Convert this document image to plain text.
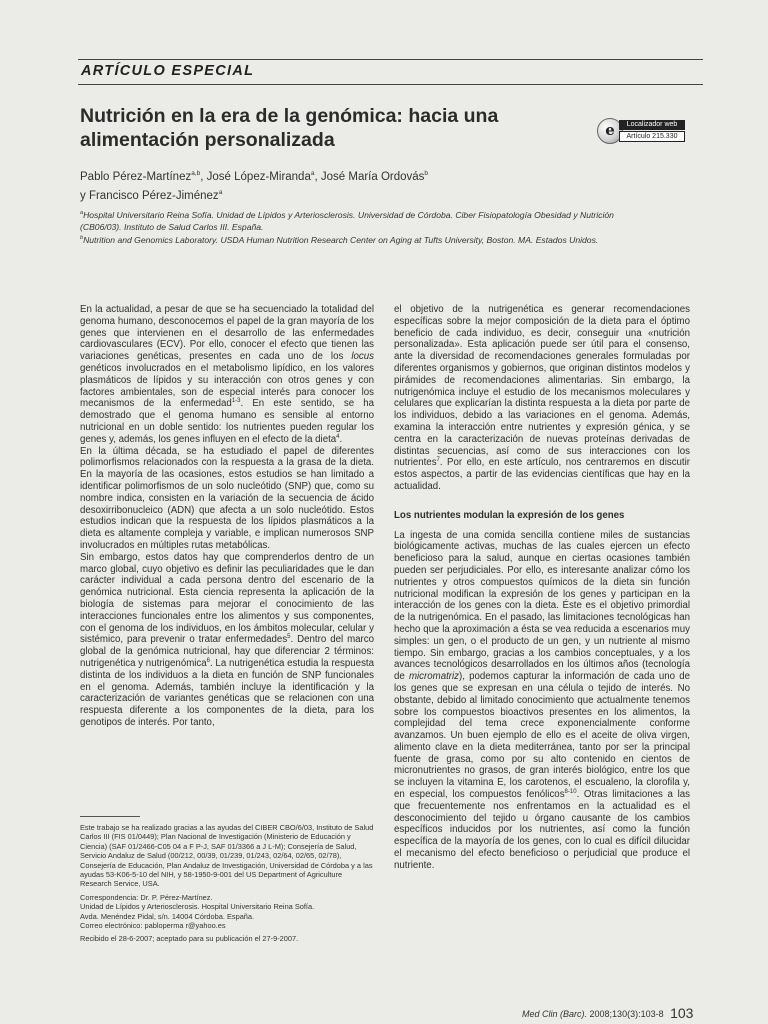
ARTÍCULO ESPECIAL
Nutrición en la era de la genómica: hacia una alimentación personalizada	e	Localizador web
Artículo 215.330
Pablo Pérez-Martínez$^{a,b}$, José López-Miranda$^a$, José María Ordovás$^b$
y Francisco Pérez-Jiménez$^a$

$^a$Hospital Universitario Reina Sofía. Unidad de Lípidos y Arteriosclerosis. Universidad de Córdoba. Ciber Fisiopatología Obesidad y Nutrición (CB06/03). Instituto de Salud Carlos III. España.

$^b$Nutrition and Genomics Laboratory. USDA Human Nutrition Research Center on Aging at Tufts University, Boston. MA. Estados Unidos.

En la actualidad, a pesar de que se ha secuenciado la totalidad del genoma humano, desconocemos el papel de la gran mayoría de los genes que intervienen en el desarrollo de las enfermedades cardiovasculares (ECV). Por ello, conocer el efecto que tienen las variaciones genéticas, presentes en cada uno de los locus genéticos involucrados en el metabolismo lipídico, en los valores plasmáticos de lípidos y su interacción con otros genes y con factores ambientales, son de especial interés para conocer los mecanismos de la enfermedad$^{1-3}$. En este sentido, se ha demostrado que el genoma humano es sensible al entorno nutricional en un doble sentido: los nutrientes pueden regular los genes y, además, los genes influyen en el efecto de la dieta$^4$.

En la última década, se ha estudiado el papel de diferentes polimorfismos relacionados con la respuesta a la grasa de la dieta. En la mayoría de las ocasiones, estos estudios se han limitado a identificar polimorfismos de un solo nucleótido (SNP) que, como su nombre indica, consisten en la variación de la secuencia de ácido desoxirribonucleico (ADN) que afecta a un solo nucleótido. Estos estudios indican que la respuesta de los lípidos plasmáticos a la dieta es altamente compleja y variable, e implican numerosos SNP involucrados en múltiples rutas metabólicas.

Sin embargo, estos datos hay que comprenderlos dentro de un marco global, cuyo objetivo es definir las peculiaridades que le dan carácter individual a cada persona dentro del escenario de la genómica nutricional. Esta ciencia representa la aplicación de la biología de sistemas para mejorar el conocimiento de las interacciones funcionales entre los alimentos y sus componentes, con el genoma de los individuos, en los ámbitos molecular, celular y sistémico, para prevenir o tratar enfermedades$^5$. Dentro del marco global de la genómica nutricional, hay que diferenciar 2 términos: nutrigenética y nutrigenómica$^6$. La nutrigenética estudia la respuesta distinta de los individuos a la dieta en función de SNP funcionales en el genoma. Además, también incluye la identificación y la caracterización de variantes genéticas que se relacionen con una respuesta diferente a los componentes de la dieta, para los genotipos de interés. Por tanto,

el objetivo de la nutrigenética es generar recomendaciones específicas sobre la mejor composición de la dieta para el óptimo beneficio de cada individuo, es decir, conseguir una «nutrición personalizada». Esta aplicación puede ser útil para el consenso, ante la diversidad de recomendaciones generales formuladas por diferentes organismos y gobiernos, que originan distintos modelos y pirámides de recomendaciones alimentarias. Sin embargo, la nutrigenómica incluye el estudio de los mecanismos moleculares y celulares que explicarían la distinta respuesta a la dieta por parte de los individuos, debido a las variaciones en el genoma. Además, examina la interacción entre nutrientes y expresión génica, y se centra en la caracterización de nuevas proteínas derivadas de distintas secuencias, así como de sus interacciones con los nutrientes$^7$. Por ello, en este artículo, nos centraremos en discutir estos aspectos, a partir de las evidencias científicas que hay en la actualidad.

Los nutrientes modulan la expresión de los genes

La ingesta de una comida sencilla contiene miles de sustancias biológicamente activas, muchas de las cuales ejercen un efecto beneficioso para la salud, aunque en ciertas ocasiones también pueden ser perjudiciales. Por ello, es interesante analizar cómo los nutrientes y otros compuestos químicos de la dieta sin función nutricional modifican la expresión de los genes y participan en la interacción de los genes con la dieta. Éste es el objetivo primordial de la nutrigenómica. En el pasado, las limitaciones tecnológicas han hecho que la aproximación a ésta se vea reducida a escenarios muy simples: un gen, o el producto de un gen, y un nutriente al mismo tiempo. Sin embargo, gracias a los cambios conceptuales, y a los avances tecnológicos desarrollados en los últimos años (tecnología de micromatriz), podemos capturar la información de cada uno de los genes que se expresan en una célula o tejido de interés. No obstante, debido al limitado conocimiento que actualmente tenemos sobre los compuestos bioactivos presentes en los alimentos, la complejidad del tema crece exponencialmente conforme avanzamos. Un buen ejemplo de ello es el aceite de oliva virgen, alimento clave en la dieta mediterránea, tanto por ser la principal fuente de grasa, como por su alto contenido en cientos de micronutrientes no grasos, de gran interés biológico, entre los que se incluyen la vitamina E, los carotenos, el escualeno, la clorofila y, en especial, los compuestos fenólicos$^{8-10}$. Otras limitaciones a las que frecuentemente nos enfrentamos en la actualidad es el desconocimiento del tejido u órgano causante de los cambios específicos inducidos por los nutrientes, así como la función específica de la mayoría de los genes, con lo cual es difícil dilucidar el mecanismo del efecto beneficioso o perjudicial que produce el nutriente.

Este trabajo se ha realizado gracias a las ayudas del CIBER CBO/6/03, Instituto de Salud Carlos III (FIS 01/0449); Plan Nacional de Investigación (Ministerio de Educación y Ciencia) (SAF 01/2466-C05 04 a F P-J, SAF 01/3366 a J L-M); Consejería de Salud, Servicio Andaluz de Salud (00/212, 00/39, 01/239, 01/243, 02/64, 02/65, 02/78), Consejería de Educación, Plan Andaluz de Investigación, Universidad de Córdoba y a las ayudas 53-K06-5-10 del NIH, y 58-1950-9-001 del US Department of Agriculture Research Service, USA.

Correspondencia: Dr. P. Pérez-Martínez.
Unidad de Lípidos y Arteriosclerosis. Hospital Universitario Reina Sofía.
Avda. Menéndez Pidal, s/n. 14004 Córdoba. España.
Correo electrónico: pabloperma r@yahoo.es

Recibido el 28-6-2007; aceptado para su publicación el 27-9-2007.

Med Clin (Barc). 2008;130(3):103-8 103
